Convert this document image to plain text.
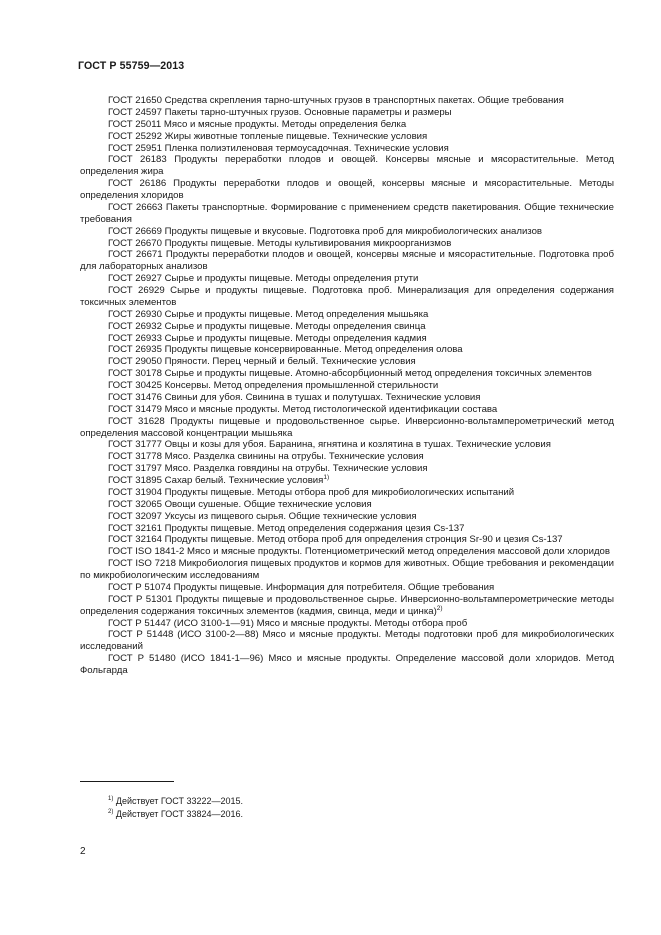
ГОСТ Р 55759—2013

ГОСТ 21650 Средства скрепления тарно-штучных грузов в транспортных пакетах. Общие требования

ГОСТ 24597 Пакеты тарно-штучных грузов. Основные параметры и размеры

ГОСТ 25011 Мясо и мясные продукты. Методы определения белка

ГОСТ 25292 Жиры животные топленые пищевые. Технические условия

ГОСТ 25951 Пленка полиэтиленовая термоусадочная. Технические условия

ГОСТ 26183 Продукты переработки плодов и овощей. Консервы мясные и мясорастительные. Метод определения жира

ГОСТ 26186 Продукты переработки плодов и овощей, консервы мясные и мясорастительные. Методы определения хлоридов

ГОСТ 26663 Пакеты транспортные. Формирование с применением средств пакетирования. Общие технические требования

ГОСТ 26669 Продукты пищевые и вкусовые. Подготовка проб для микробиологических анализов

ГОСТ 26670 Продукты пищевые. Методы культивирования микроорганизмов

ГОСТ 26671 Продукты переработки плодов и овощей, консервы мясные и мясорастительные. Подготовка проб для лабораторных анализов

ГОСТ 26927 Сырье и продукты пищевые. Методы определения ртути

ГОСТ 26929 Сырье и продукты пищевые. Подготовка проб. Минерализация для определения содержания токсичных элементов

ГОСТ 26930 Сырье и продукты пищевые. Метод определения мышьяка

ГОСТ 26932 Сырье и продукты пищевые. Методы определения свинца

ГОСТ 26933 Сырье и продукты пищевые. Методы определения кадмия

ГОСТ 26935 Продукты пищевые консервированные. Метод определения олова

ГОСТ 29050 Пряности. Перец черный и белый. Технические условия

ГОСТ 30178 Сырье и продукты пищевые. Атомно-абсорбционный метод определения токсичных элементов

ГОСТ 30425 Консервы. Метод определения промышленной стерильности

ГОСТ 31476 Свиньи для убоя. Свинина в тушах и полутушах. Технические условия

ГОСТ 31479 Мясо и мясные продукты. Метод гистологической идентификации состава

ГОСТ 31628 Продукты пищевые и продовольственное сырье. Инверсионно-вольтамперометрический метод определения массовой концентрации мышьяка

ГОСТ 31777 Овцы и козы для убоя. Баранина, ягнятина и козлятина в тушах. Технические условия

ГОСТ 31778 Мясо. Разделка свинины на отрубы. Технические условия

ГОСТ 31797 Мясо. Разделка говядины на отрубы. Технические условия

ГОСТ 31895 Сахар белый. Технические условия$^{1)}$

ГОСТ 31904 Продукты пищевые. Методы отбора проб для микробиологических испытаний

ГОСТ 32065 Овощи сушеные. Общие технические условия

ГОСТ 32097 Уксусы из пищевого сырья. Общие технические условия

ГОСТ 32161 Продукты пищевые. Метод определения содержания цезия Cs-137

ГОСТ 32164 Продукты пищевые. Метод отбора проб для определения стронция Sr-90 и цезия Cs-137

ГОСТ ISO 1841-2 Мясо и мясные продукты. Потенциометрический метод определения массовой доли хлоридов

ГОСТ ISO 7218 Микробиология пищевых продуктов и кормов для животных. Общие требования и рекомендации по микробиологическим исследованиям

ГОСТ Р 51074 Продукты пищевые. Информация для потребителя. Общие требования

ГОСТ Р 51301 Продукты пищевые и продовольственное сырье. Инверсионно-вольтамперометрические методы определения содержания токсичных элементов (кадмия, свинца, меди и цинка)$^{2)}$

ГОСТ Р 51447 (ИСО 3100-1—91) Мясо и мясные продукты. Методы отбора проб

ГОСТ Р 51448 (ИСО 3100-2—88) Мясо и мясные продукты. Методы подготовки проб для микробиологических исследований

ГОСТ Р 51480 (ИСО 1841-1—96) Мясо и мясные продукты. Определение массовой доли хлоридов. Метод Фольгарда

$^{1)}$ Действует ГОСТ 33222—2015.
$^{2)}$ Действует ГОСТ 33824—2016.
2
